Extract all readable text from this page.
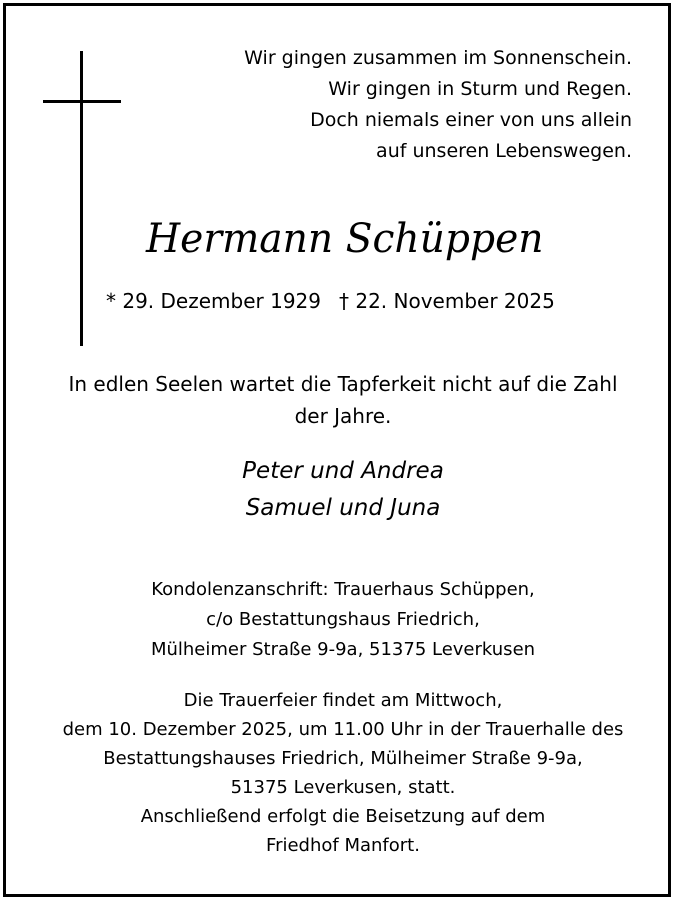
Wir gingen zusammen im Sonnenschein.
Wir gingen in Sturm und Regen.
Doch niemals einer von uns allein
auf unseren Lebenswegen.
Hermann Schüppen
* 29. Dezember 1929 † 22. November 2025
In edlen Seelen wartet die Tapferkeit nicht auf die Zahl
der Jahre.
Peter und Andrea
Samuel und Juna
Kondolenzanschrift: Trauerhaus Schüppen,
c/o Bestattungshaus Friedrich,
Mülheimer Straße 9-9a, 51375 Leverkusen
Die Trauerfeier findet am Mittwoch,
dem 10. Dezember 2025, um 11.00 Uhr in der Trauerhalle des
Bestattungshauses Friedrich, Mülheimer Straße 9-9a,
51375 Leverkusen, statt.
Anschließend erfolgt die Beisetzung auf dem
Friedhof Manfort.
